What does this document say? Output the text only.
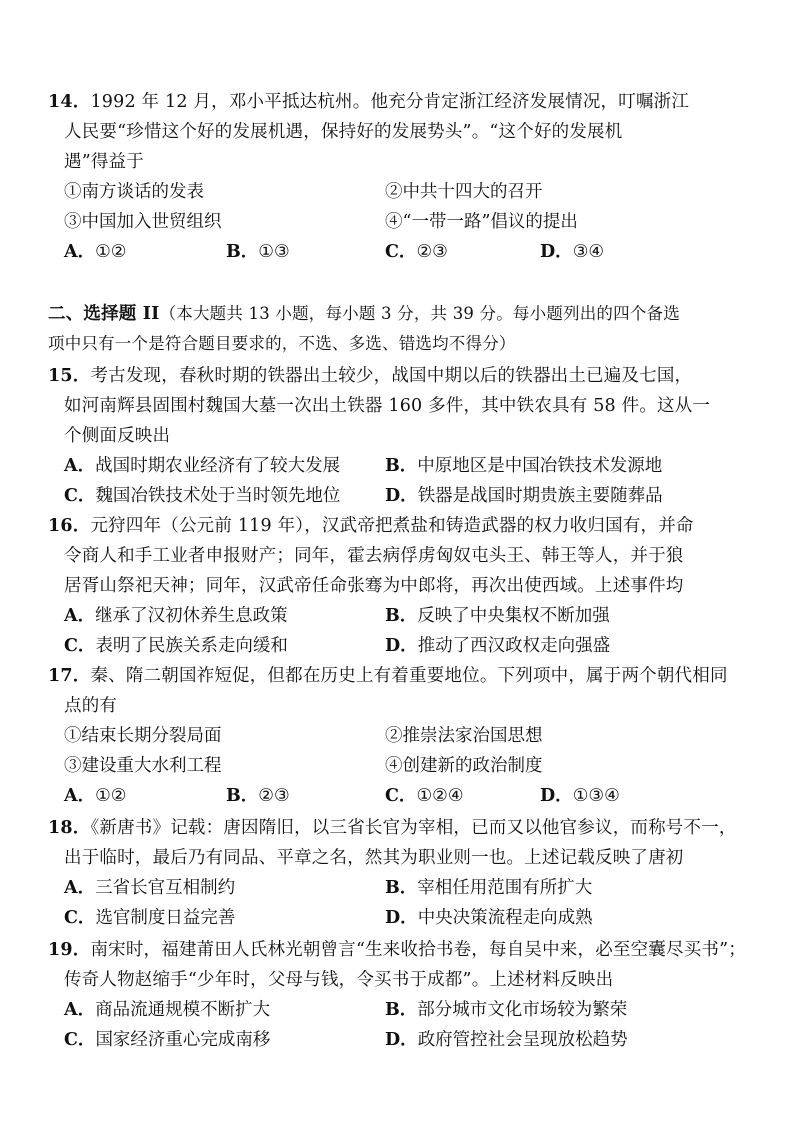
14．1992 年 12 月，邓小平抵达杭州。他充分肯定浙江经济发展情况，叮嘱浙江
人民要“珍惜这个好的发展机遇，保持好的发展势头”。“这个好的发展机
遇”得益于
①南方谈话的发表	②中共十四大的召开
③中国加入世贸组织	④“一带一路”倡议的提出
A．①②	B．①③	C．②③	D．③④
二、选择题 II（本大题共 13 小题，每小题 3 分，共 39 分。每小题列出的四个备选
项中只有一个是符合题目要求的，不选、多选、错选均不得分）
15．考古发现，春秋时期的铁器出土较少，战国中期以后的铁器出土已遍及七国，
如河南辉县固围村魏国大墓一次出土铁器 160 多件，其中铁农具有 58 件。这从一
个侧面反映出
A．战国时期农业经济有了较大发展	B．中原地区是中国冶铁技术发源地
C．魏国冶铁技术处于当时领先地位	D．铁器是战国时期贵族主要随葬品
16．元狩四年（公元前 119 年），汉武帝把煮盐和铸造武器的权力收归国有，并命
令商人和手工业者申报财产；同年，霍去病俘虏匈奴屯头王、韩王等人，并于狼
居胥山祭祀天神；同年，汉武帝任命张骞为中郎将，再次出使西域。上述事件均
A．继承了汉初休养生息政策	B．反映了中央集权不断加强
C．表明了民族关系走向缓和	D．推动了西汉政权走向强盛
17．秦、隋二朝国祚短促，但都在历史上有着重要地位。下列项中，属于两个朝代相同
点的有
①结束长期分裂局面	②推崇法家治国思想
③建设重大水利工程	④创建新的政治制度
A．①②	B．②③	C．①②④	D．①③④
18．《新唐书》记载：唐因隋旧，以三省长官为宰相，已而又以他官参议，而称号不一，
出于临时，最后乃有同品、平章之名，然其为职业则一也。上述记载反映了唐初
A．三省长官互相制约	B．宰相任用范围有所扩大
C．选官制度日益完善	D．中央决策流程走向成熟
19．南宋时，福建莆田人氏林光朝曾言“生来收拾书卷，每自吴中来，必至空囊尽买书”；
传奇人物赵缩手“少年时，父母与钱，令买书于成都”。上述材料反映出
A．商品流通规模不断扩大	B．部分城市文化市场较为繁荣
C．国家经济重心完成南移	D．政府管控社会呈现放松趋势
